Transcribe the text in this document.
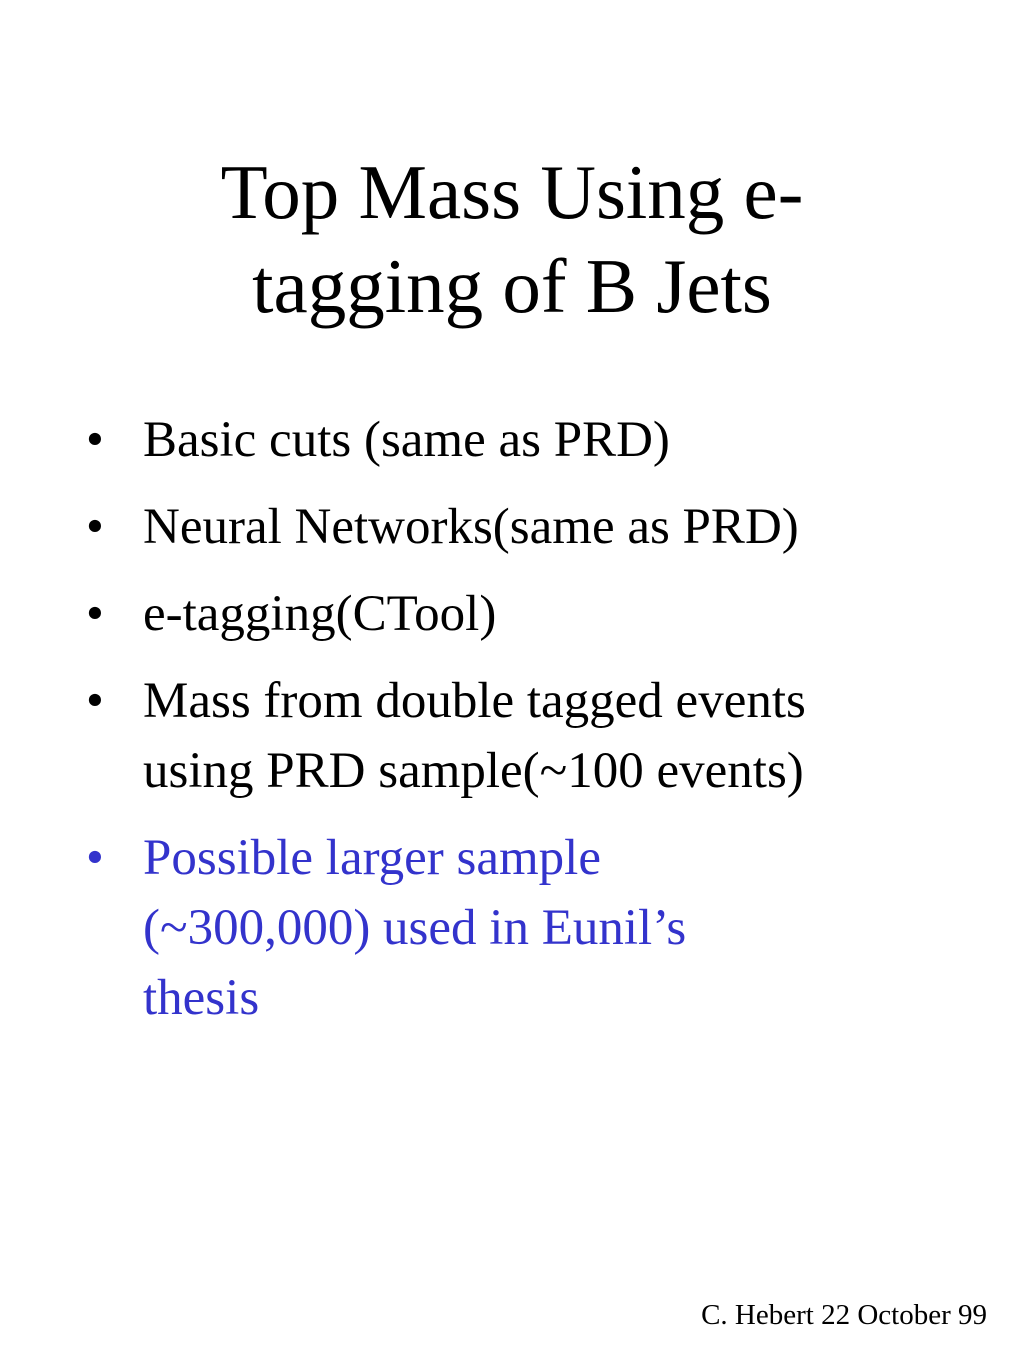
Top Mass Using e-
tagging of B Jets
• Basic cuts (same as PRD)
• Neural Networks(same as PRD)
• e-tagging(CTool)
• Mass from double tagged events
using PRD sample(~100 events)
• Possible larger sample
(~300,000) used in Eunil’s
thesis
C. Hebert 22 October 99
